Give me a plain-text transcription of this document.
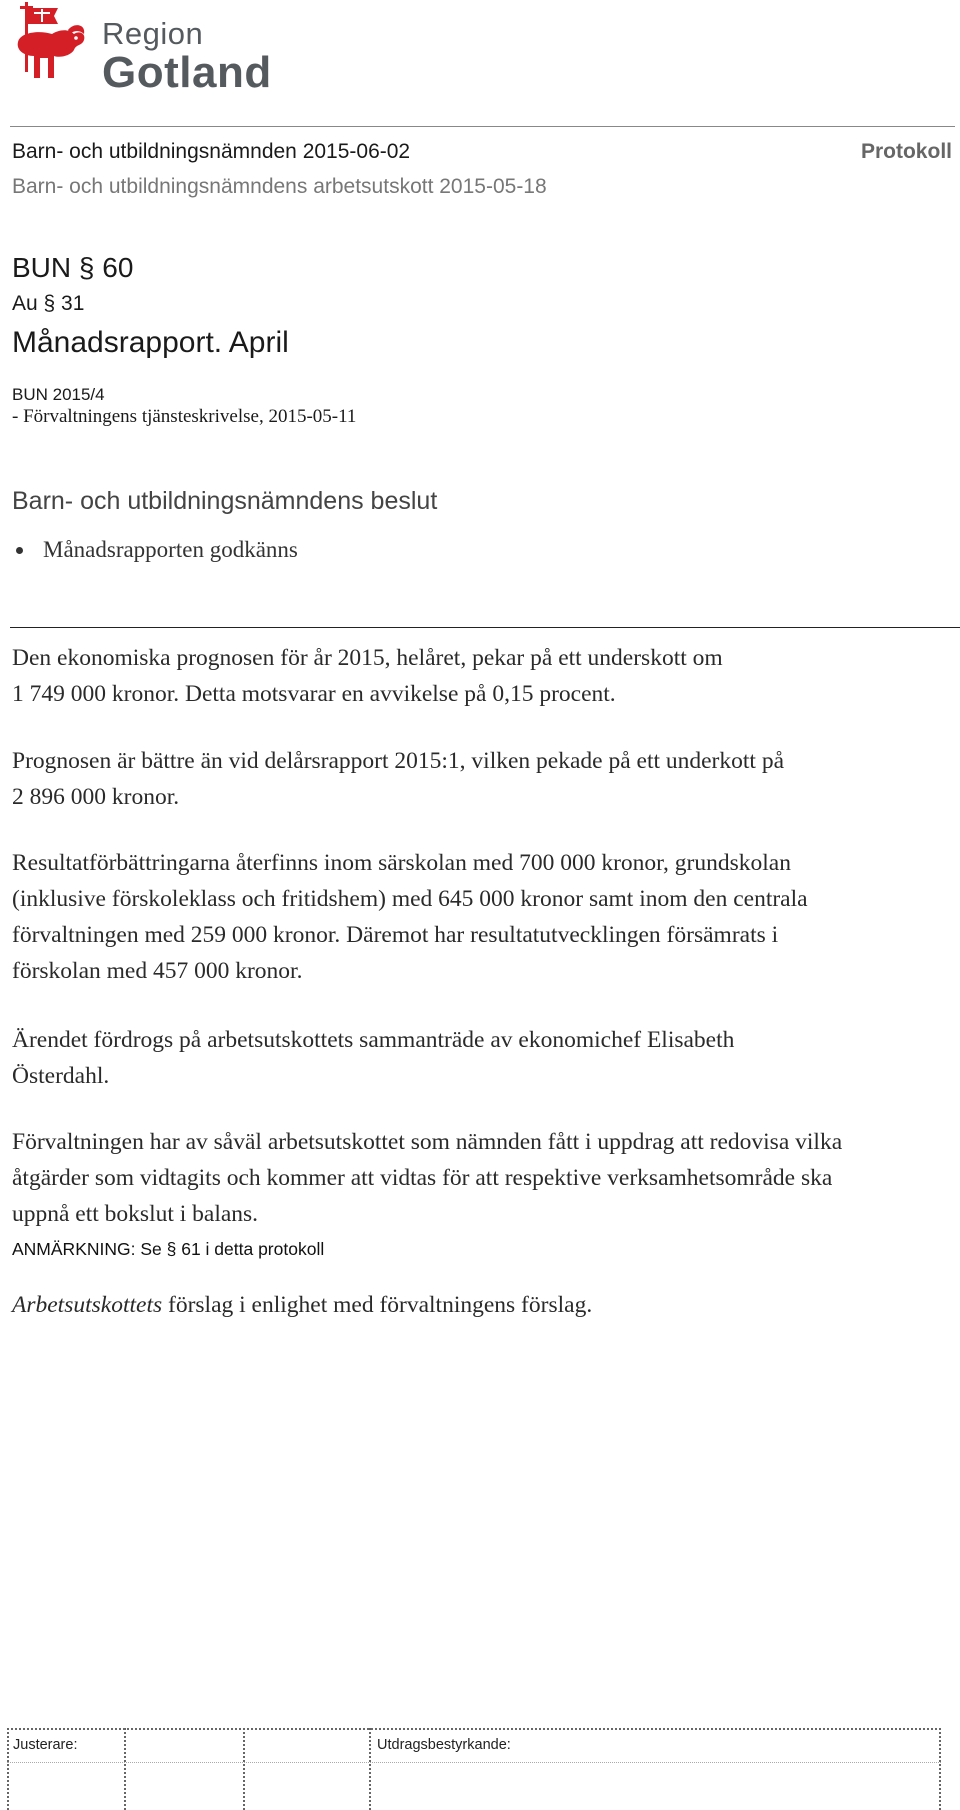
Region
Gotland
Barn- och utbildningsnämnden 2015-06-02	Protokoll
Barn- och utbildningsnämndens arbetsutskott 2015-05-18
BUN § 60
Au § 31
Månadsrapport. April
BUN 2015/4
- Förvaltningens tjänsteskrivelse, 2015-05-11
Barn- och utbildningsnämndens beslut
Månadsrapporten godkänns
Den ekonomiska prognosen för år 2015, helåret, pekar på ett underskott om
1 749 000 kronor. Detta motsvarar en avvikelse på 0,15 procent.
Prognosen är bättre än vid delårsrapport 2015:1, vilken pekade på ett underkott på
2 896 000 kronor.
Resultatförbättringarna återfinns inom särskolan med 700 000 kronor, grundskolan
(inklusive förskoleklass och fritidshem) med 645 000 kronor samt inom den centrala
förvaltningen med 259 000 kronor. Däremot har resultatutvecklingen försämrats i
förskolan med 457 000 kronor.
Ärendet fördrogs på arbetsutskottets sammanträde av ekonomichef Elisabeth
Österdahl.
Förvaltningen har av såväl arbetsutskottet som nämnden fått i uppdrag att redovisa vilka
åtgärder som vidtagits och kommer att vidtas för att respektive verksamhetsområde ska
uppnå ett bokslut i balans.
ANMÄRKNING: Se § 61 i detta protokoll
Arbetsutskottets förslag i enlighet med förvaltningens förslag.
Justerare:	Utdragsbestyrkande:
